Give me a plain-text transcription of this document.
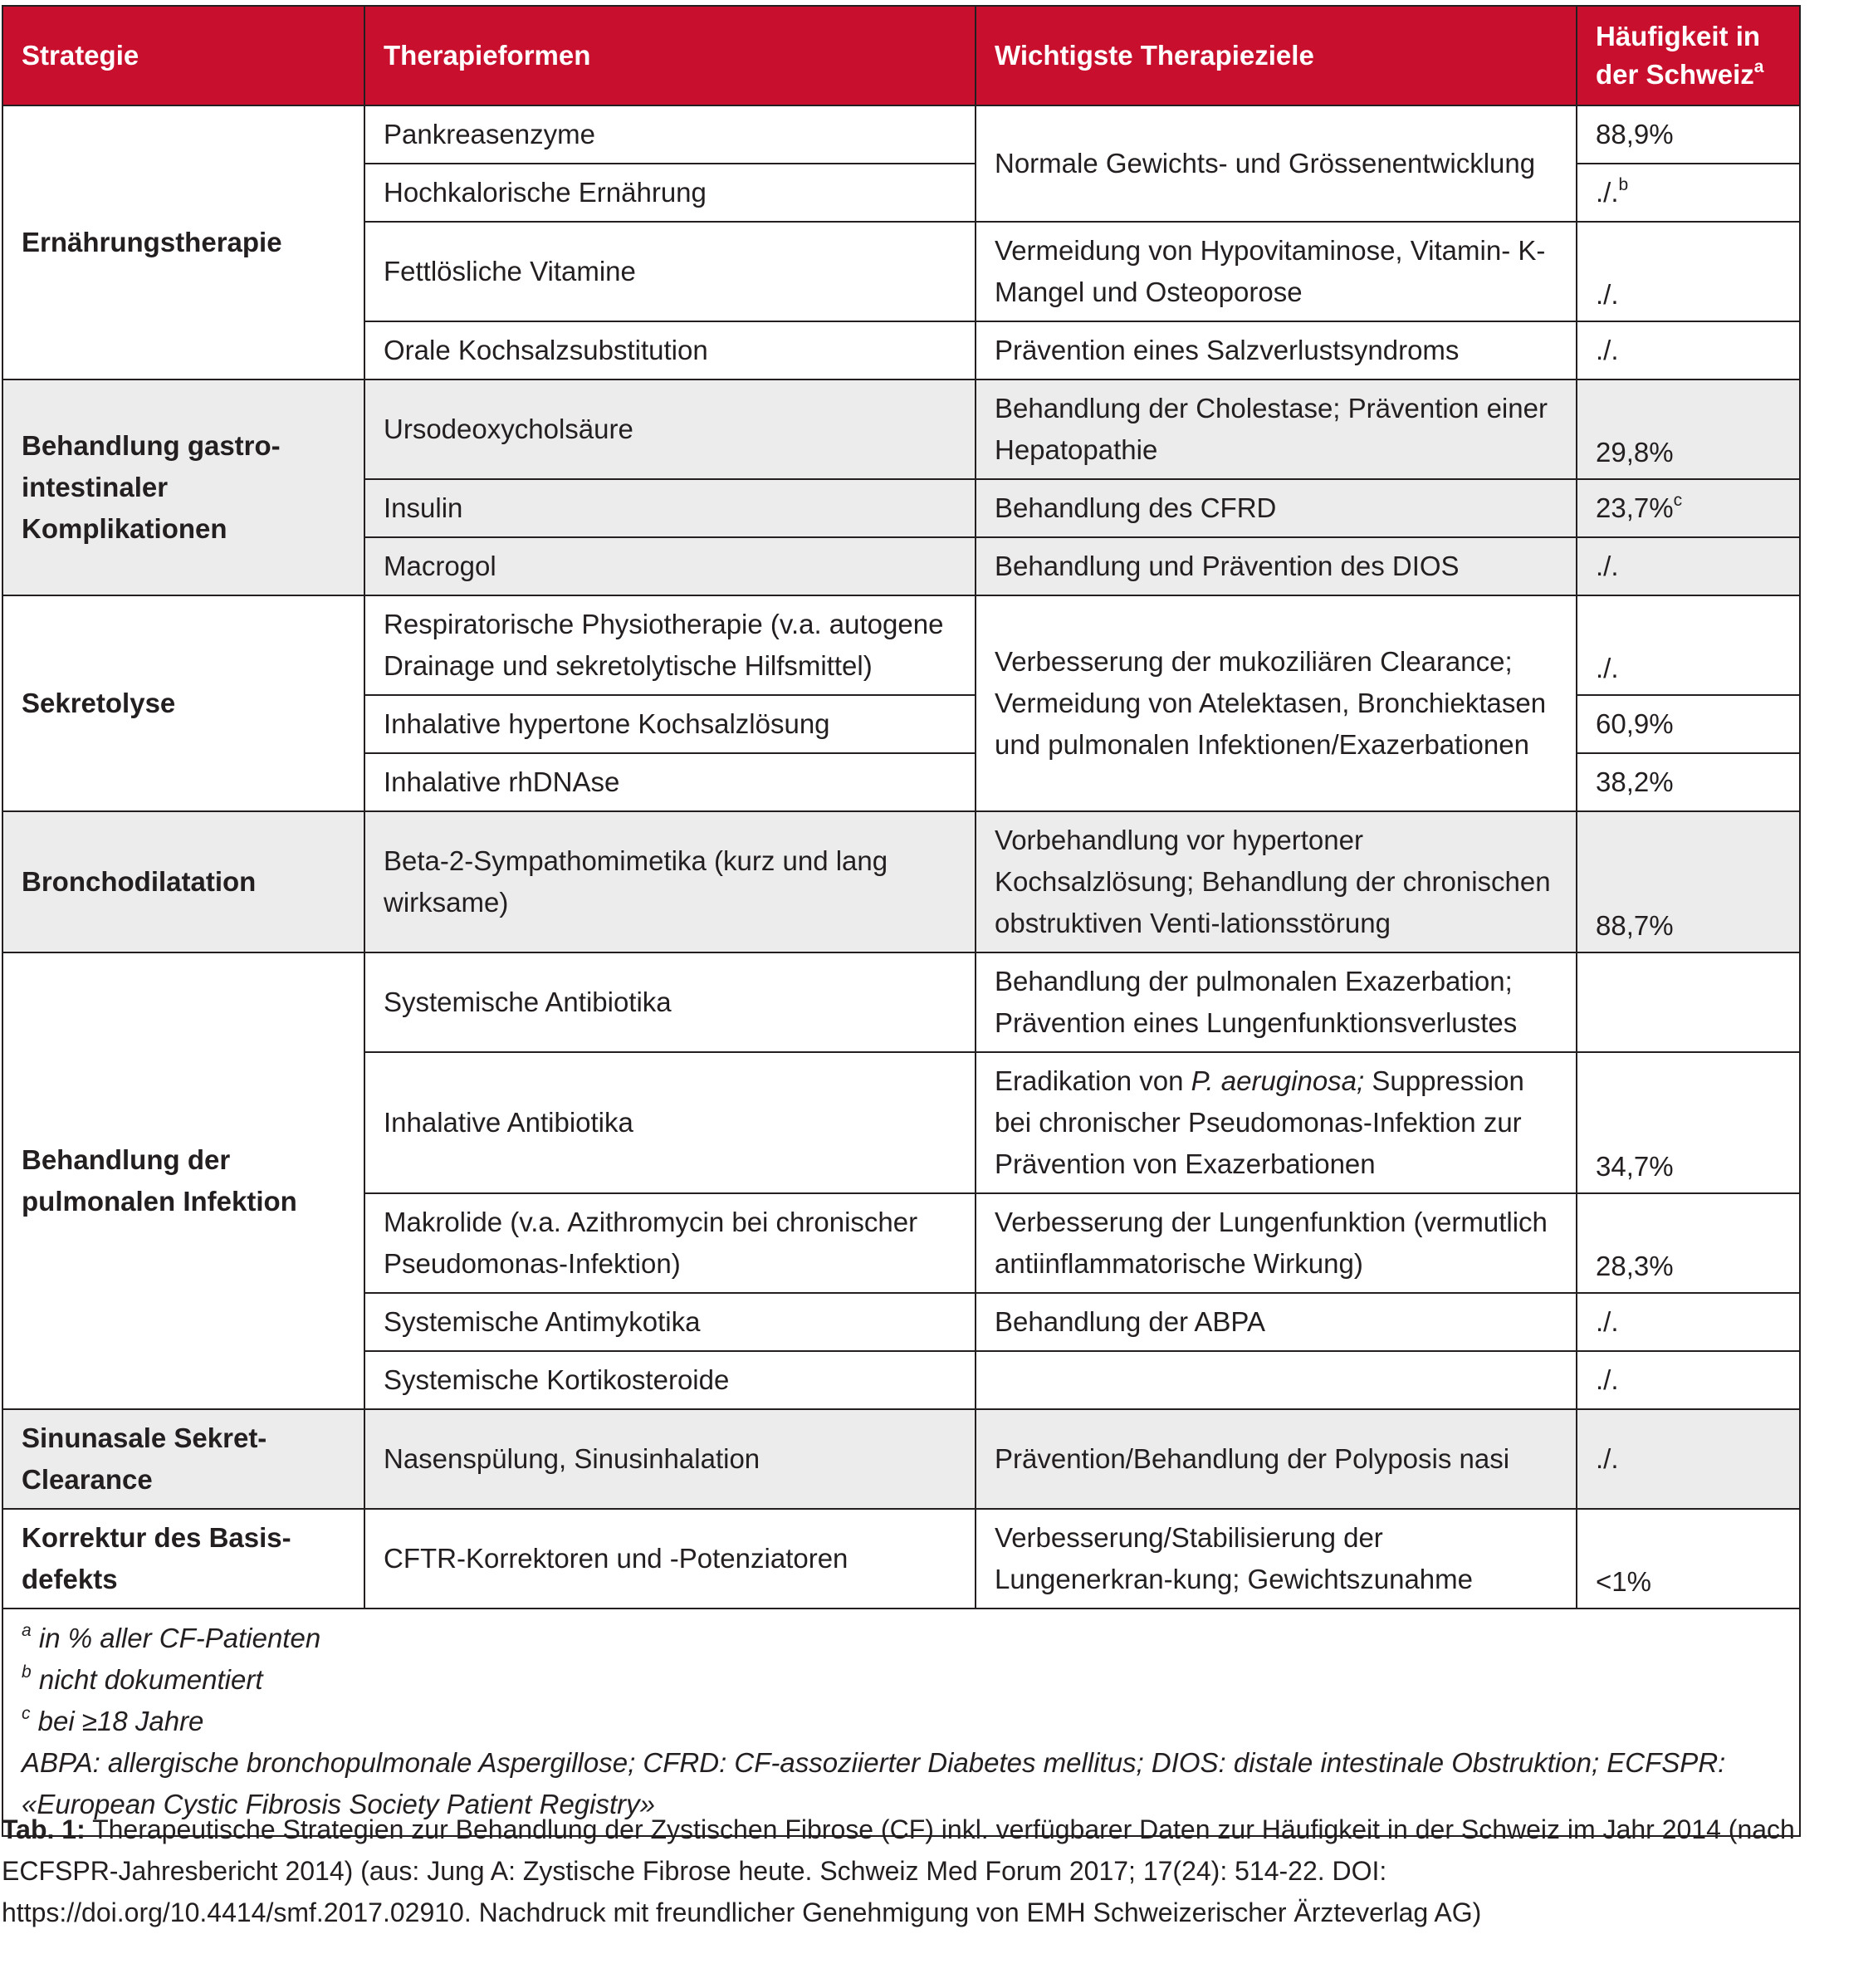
Strategie	Therapieformen	Wichtigste Therapieziele	Häufigkeit in der Schweiz$^a$
Ernährungstherapie	Pankreasenzyme	Normale Gewichts- und Grössenentwicklung	88,9%
	Hochkalorische Ernährung		./.$^b$
	Fettlösliche Vitamine	Vermeidung von Hypovitaminose, Vitamin- K-Mangel und Osteoporose	./.
	Orale Kochsalzsubstitution	Prävention eines Salzverlustsyndroms	./.
Behandlung gastro-intestinaler Komplikationen	Ursodeoxycholsäure	Behandlung der Cholestase; Prävention einer Hepatopathie	29,8%
	Insulin	Behandlung des CFRD	23,7%$^c$
	Macrogol	Behandlung und Prävention des DIOS	./.
Sekretolyse	Respiratorische Physiotherapie (v.a. autogene Drainage und sekretolytische Hilfsmittel)	Verbesserung der mukoziliären Clearance; Vermeidung von Atelektasen, Bronchiektasen und pulmonalen Infektionen/Exazerbationen	./.
	Inhalative hypertone Kochsalzlösung		60,9%
	Inhalative rhDNAse		38,2%
Bronchodilatation	Beta-2-Sympathomimetika (kurz und lang wirksame)	Vorbehandlung vor hypertoner Kochsalzlösung; Behandlung der chronischen obstruktiven Venti-lationsstörung	88,7%
Behandlung der pulmonalen Infektion	Systemische Antibiotika	Behandlung der pulmonalen Exazerbation; Prävention eines Lungenfunktionsverlustes	
	Inhalative Antibiotika	Eradikation von P. aeruginosa; Suppression bei chronischer Pseudomonas-Infektion zur Prävention von Exazerbationen	34,7%
	Makrolide (v.a. Azithromycin bei chronischer Pseudomonas-Infektion)	Verbesserung der Lungenfunktion (vermutlich antiinflammatorische Wirkung)	28,3%
	Systemische Antimykotika	Behandlung der ABPA	./.
	Systemische Kortikosteroide		./.
Sinunasale Sekret-Clearance	Nasenspülung, Sinusinhalation	Prävention/Behandlung der Polyposis nasi	./.
Korrektur des Basis-defekts	CFTR-Korrektoren und -Potenziatoren	Verbesserung/Stabilisierung der Lungenerkran-kung; Gewichtszunahme	<1%

$^a$ in % aller CF-Patienten
$^b$ nicht dokumentiert
$^c$ bei ≥18 Jahre
ABPA: allergische bronchopulmonale Aspergillose; CFRD: CF-assoziierter Diabetes mellitus; DIOS: distale intestinale Obstruktion; ECFSPR: «European Cystic Fibrosis Society Patient Registry»			
Tab. 1: Therapeutische Strategien zur Behandlung der Zystischen Fibrose (CF) inkl. verfügbarer Daten zur Häufigkeit in der Schweiz im Jahr 2014 (nach ECFSPR-Jahresbericht 2014) (aus: Jung A: Zystische Fibrose heute. Schweiz Med Forum 2017; 17(24): 514-22. DOI: https://doi.org/10.4414/smf.2017.02910. Nachdruck mit freundlicher Genehmigung von EMH Schweizerischer Ärzteverlag AG)
